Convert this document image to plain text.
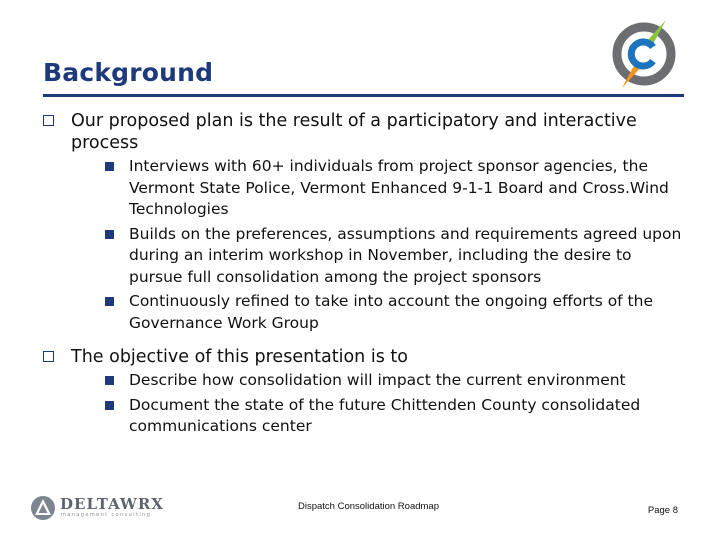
Background
Our proposed plan is the result of a participatory and interactive process
Interviews with 60+ individuals from project sponsor agencies, the Vermont State Police, Vermont Enhanced 9-1-1 Board and Cross.Wind Technologies
Builds on the preferences, assumptions and requirements agreed upon during an interim workshop in November, including the desire to pursue full consolidation among the project sponsors
Continuously refined to take into account the ongoing efforts of the Governance Work Group
The objective of this presentation is to
Describe how consolidation will impact the current environment
Document the state of the future Chittenden County consolidated communications center
DELTAWRX
management consulting
Dispatch Consolidation Roadmap	Page 8
